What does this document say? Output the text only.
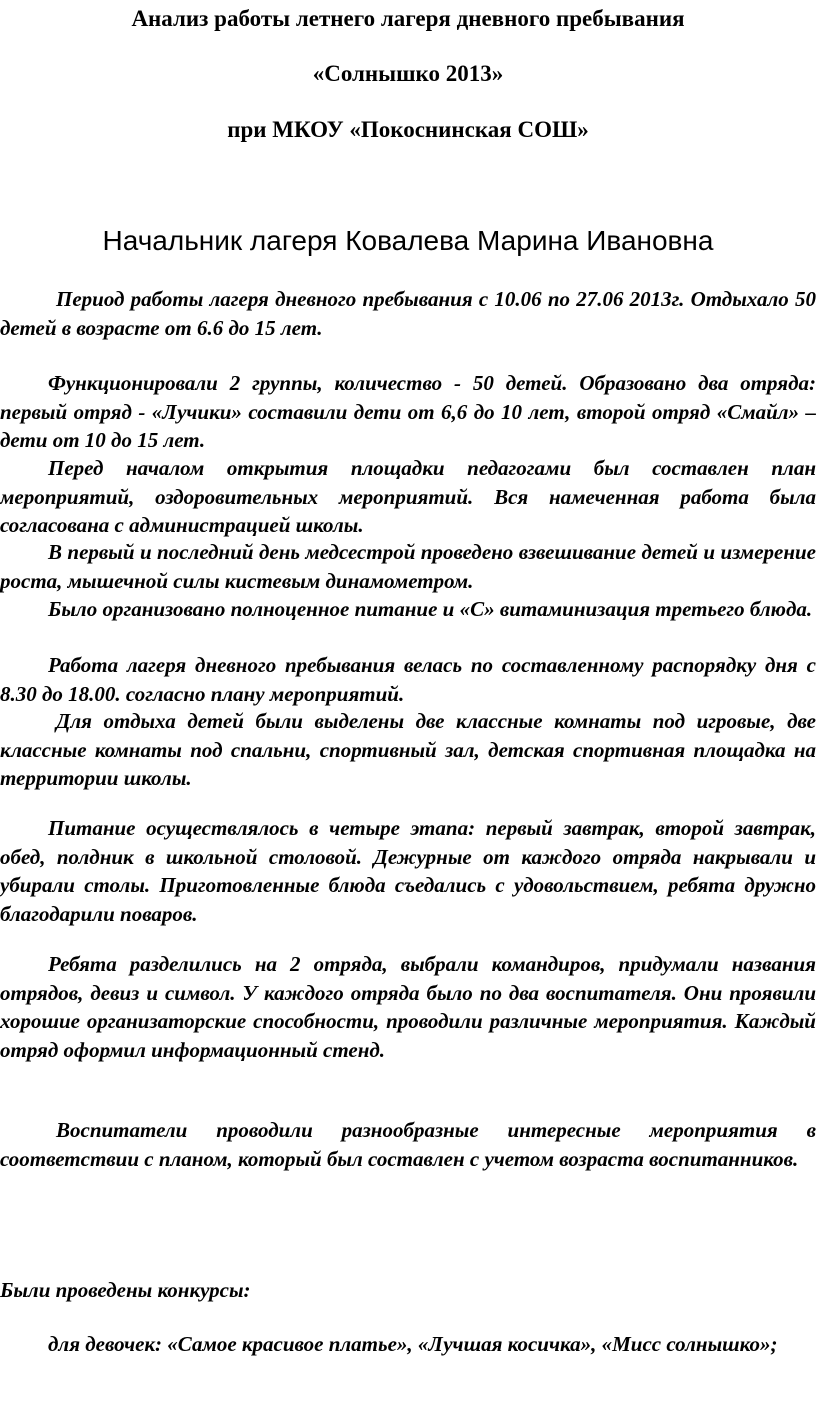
Анализ работы летнего лагеря дневного пребывания
«Солнышко 2013»
при МКОУ «Покоснинская СОШ»

Начальник лагеря Ковалева Марина Ивановна

Период работы лагеря дневного пребывания с 10.06 по 27.06 2013г. Отдыхало 50 детей в возрасте от 6.6 до 15 лет.

Функционировали 2 группы, количество - 50 детей. Образовано два отряда: первый отряд - «Лучики» составили дети от 6,6 до 10 лет, второй отряд «Смайл» – дети от 10 до 15 лет.

Перед началом открытия площадки педагогами был составлен план мероприятий, оздоровительных мероприятий. Вся намеченная работа была согласована с администрацией школы.

В первый и последний день медсестрой проведено взвешивание детей и измерение роста, мышечной силы кистевым динамометром.

Было организовано полноценное питание и «С» витаминизация третьего блюда.

Работа лагеря дневного пребывания велась по составленному распорядку дня с 8.30 до 18.00. согласно плану мероприятий.

Для отдыха детей были выделены две классные комнаты под игровые, две классные комнаты под спальни, спортивный зал, детская спортивная площадка на территории школы.

Питание осуществлялось в четыре этапа: первый завтрак, второй завтрак, обед, полдник в школьной столовой. Дежурные от каждого отряда накрывали и убирали столы. Приготовленные блюда съедались с удовольствием, ребята дружно благодарили поваров.

Ребята разделились на 2 отряда, выбрали командиров, придумали названия отрядов, девиз и символ. У каждого отряда было по два воспитателя. Они проявили хорошие организаторские способности, проводили различные мероприятия. Каждый отряд оформил информационный стенд.

Воспитатели проводили разнообразные интересные мероприятия в соответствии с планом, который был составлен с учетом возраста воспитанников.

Были проведены конкурсы:

для девочек: «Самое красивое платье», «Лучшая косичка», «Мисс солнышко»;
